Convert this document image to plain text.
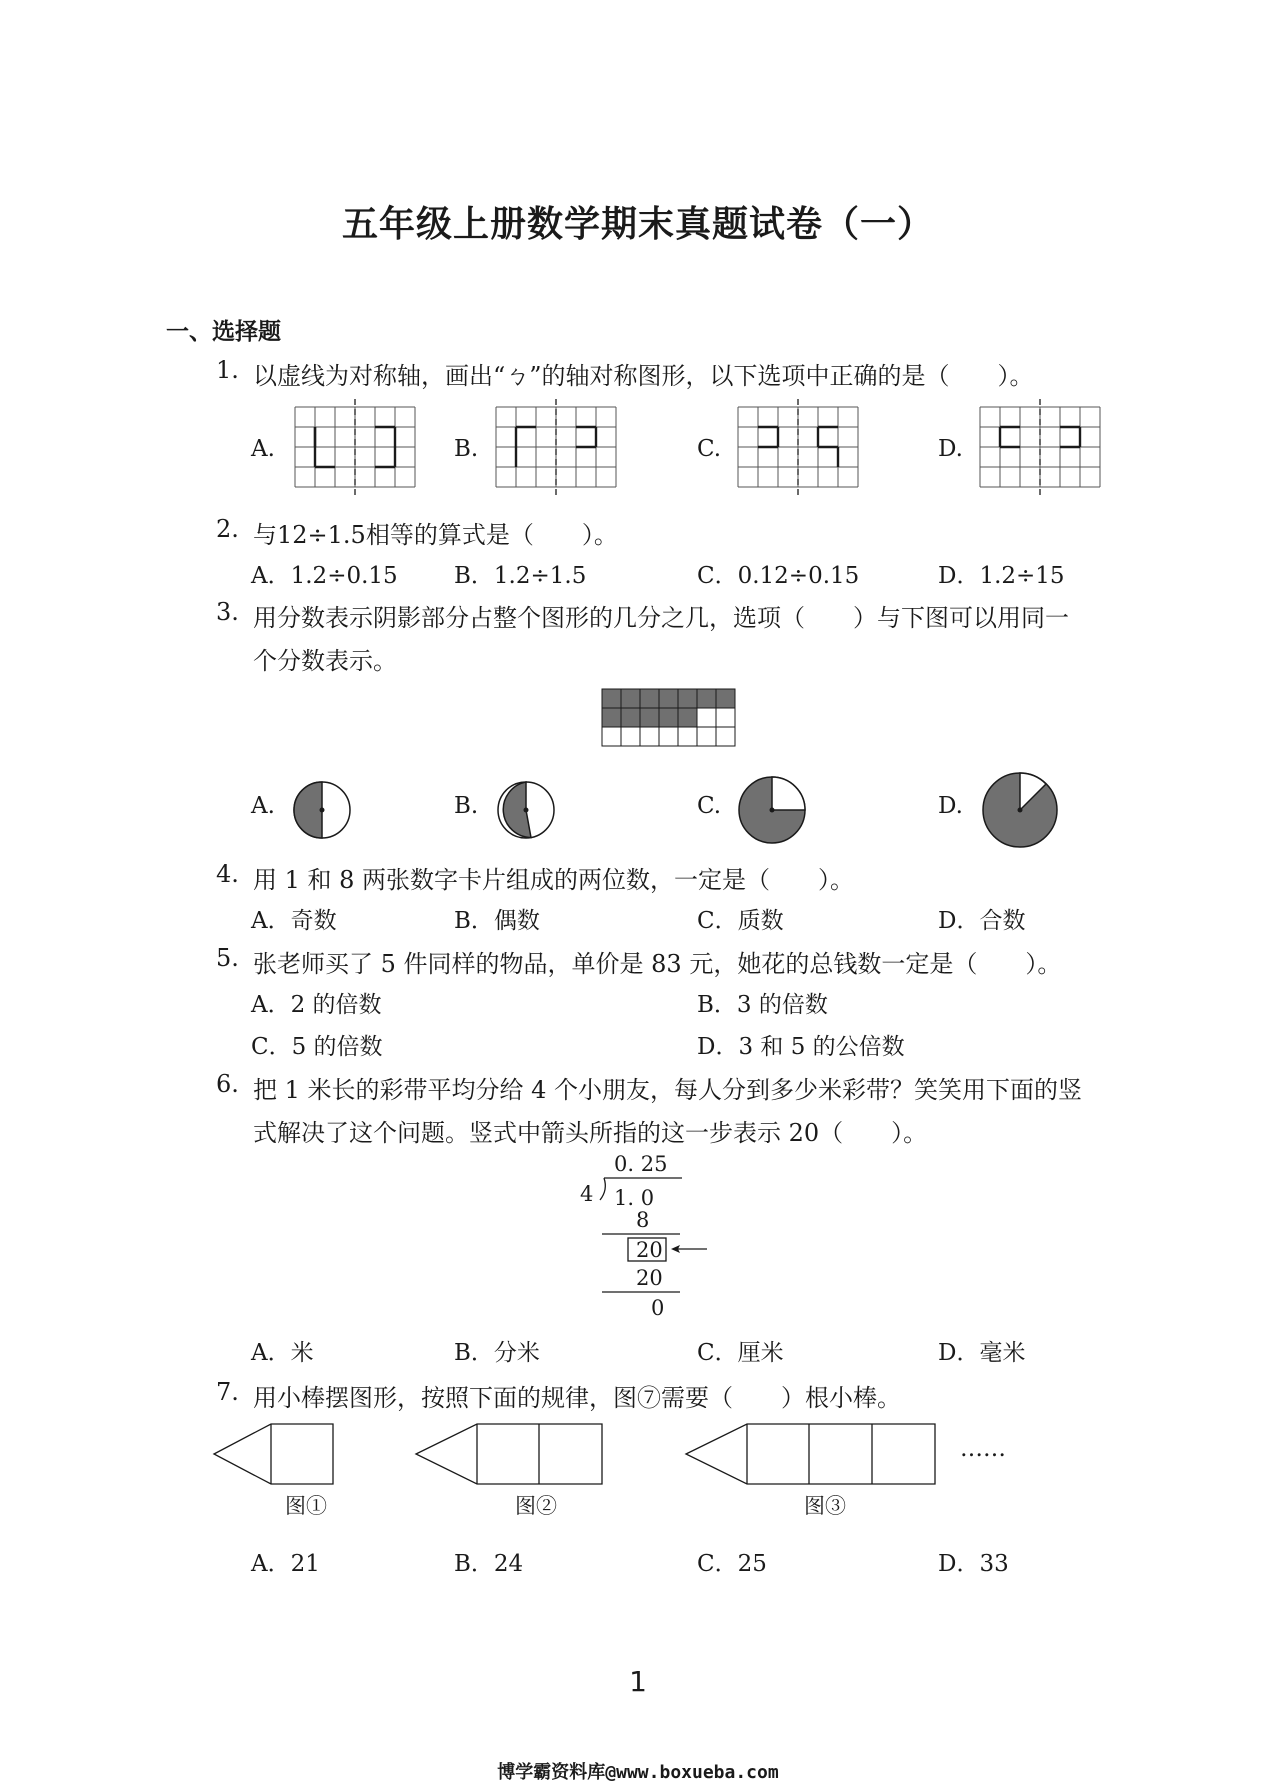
五年级上册数学期末真题试卷（一）
一、选择题
1. 以虚线为对称轴，画出“ㄅ”的轴对称图形，以下选项中正确的是（　　）。
A.	B.	C.	D.
2. 与12÷1.5相等的算式是（　　）。
A．1.2÷0.15 B．1.2÷1.5	C．0.12÷0.15	D．1.2÷15
3. 用分数表示阴影部分占整个图形的几分之几，选项（　　）与下图可以用同一
个分数表示。
A.	B.	C.	D.
4. 用 1 和 8 两张数字卡片组成的两位数，一定是（　　）。
A．奇数	B．偶数	C．质数	D．合数
5. 张老师买了 5 件同样的物品，单价是 83 元，她花的总钱数一定是（　　）。
A．2 的倍数	B．3 的倍数
C．5 的倍数	D．3 和 5 的公倍数
6. 把 1 米长的彩带平均分给 4 个小朋友，每人分到多少米彩带？笑笑用下面的竖
式解决了这个问题。竖式中箭头所指的这一步表示 20（　　）。
0. 25
4 1. 0
8
20
20
0
A．米	B．分米	C．厘米	D．毫米
7. 用小棒摆图形，按照下面的规律，图⑦需要（　　）根小棒。
……
图①	图②	图③
A．21	B．24	C．25	D．33
1
博学霸资料库@www.boxueba.com
